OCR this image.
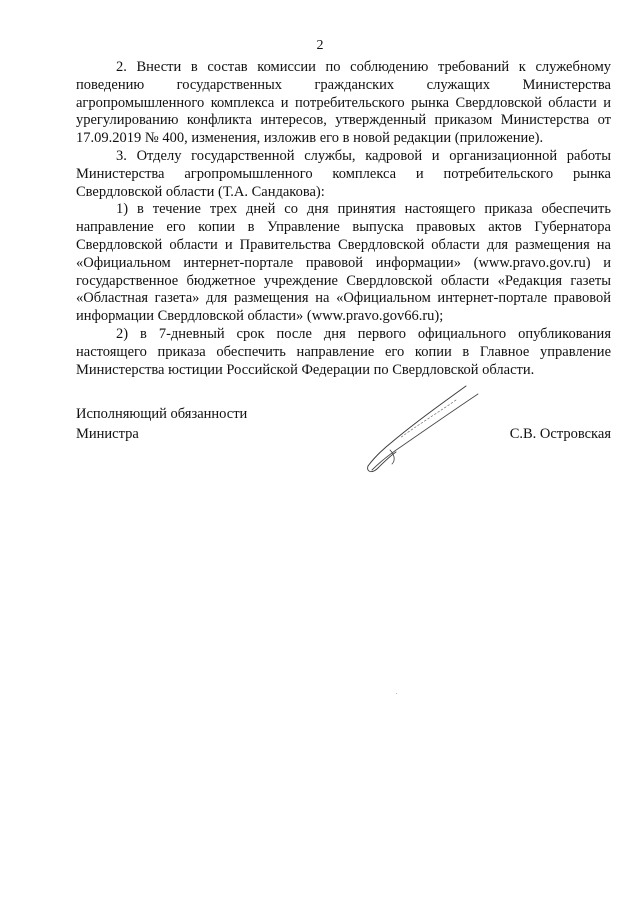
2

2. Внести в состав комиссии по соблюдению требований к служебному поведению государственных гражданских служащих Министерства агропромышленного комплекса и потребительского рынка Свердловской области и урегулированию конфликта интересов, утвержденный приказом Министерства от 17.09.2019 № 400, изменения, изложив его в новой редакции (приложение).

3. Отделу государственной службы, кадровой и организационной работы Министерства агропромышленного комплекса и потребительского рынка Свердловской области (Т.А. Сандакова):

1) в течение трех дней со дня принятия настоящего приказа обеспечить направление его копии в Управление выпуска правовых актов Губернатора Свердловской области и Правительства Свердловской области для размещения на «Официальном интернет-портале правовой информации» (www.pravo.gov.ru) и государственное бюджетное учреждение Свердловской области «Редакция газеты «Областная газета» для размещения на «Официальном интернет-портале правовой информации Свердловской области» (www.pravo.gov66.ru);

2) в 7-дневный срок после дня первого официального опубликования настоящего приказа обеспечить направление его копии в Главное управление Министерства юстиции Российской Федерации по Свердловской области.

Исполняющий обязанности
Министра	С.В. Островская
